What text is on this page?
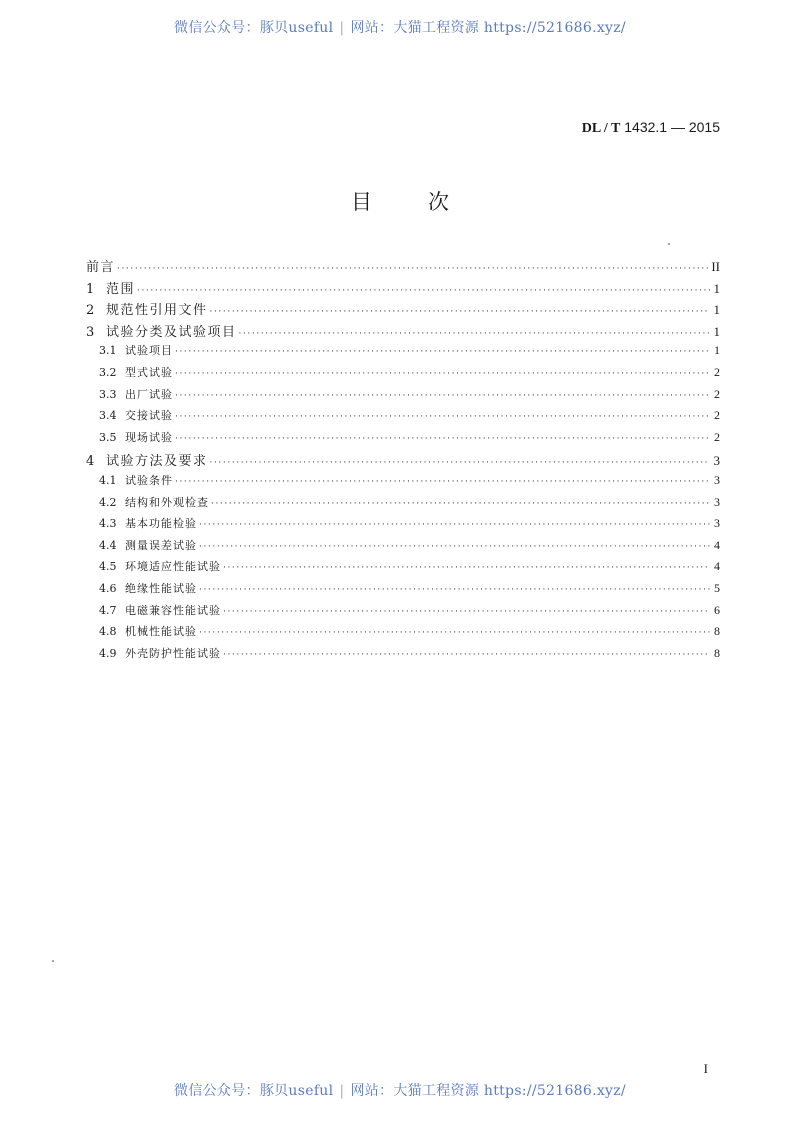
微信公众号：豚贝useful | 网站：大猫工程资源 https://521686.xyz/
DL / T 1432.1 — 2015
目	次
前言 ·····	II
1 范围 ·····	1
2 规范性引用文件 ·····	1
3 试验分类及试验项目 ·····	1
3.1 试验项目 ·····	1
3.2 型式试验 ·····	2
3.3 出厂试验 ·····	2
3.4 交接试验 ·····	2
3.5 现场试验 ·····	2
4 试验方法及要求 ·····	3
4.1 试验条件 ·····	3
4.2 结构和外观检查 ·····	3
4.3 基本功能检验 ·····	3
4.4 测量误差试验 ·····	4
4.5 环境适应性能试验 ·····	4
4.6 绝缘性能试验 ·····	5
4.7 电磁兼容性能试验 ·····	6
4.8 机械性能试验 ·····	8
4.9 外壳防护性能试验 ·····	8
I
微信公众号：豚贝useful | 网站：大猫工程资源 https://521686.xyz/
